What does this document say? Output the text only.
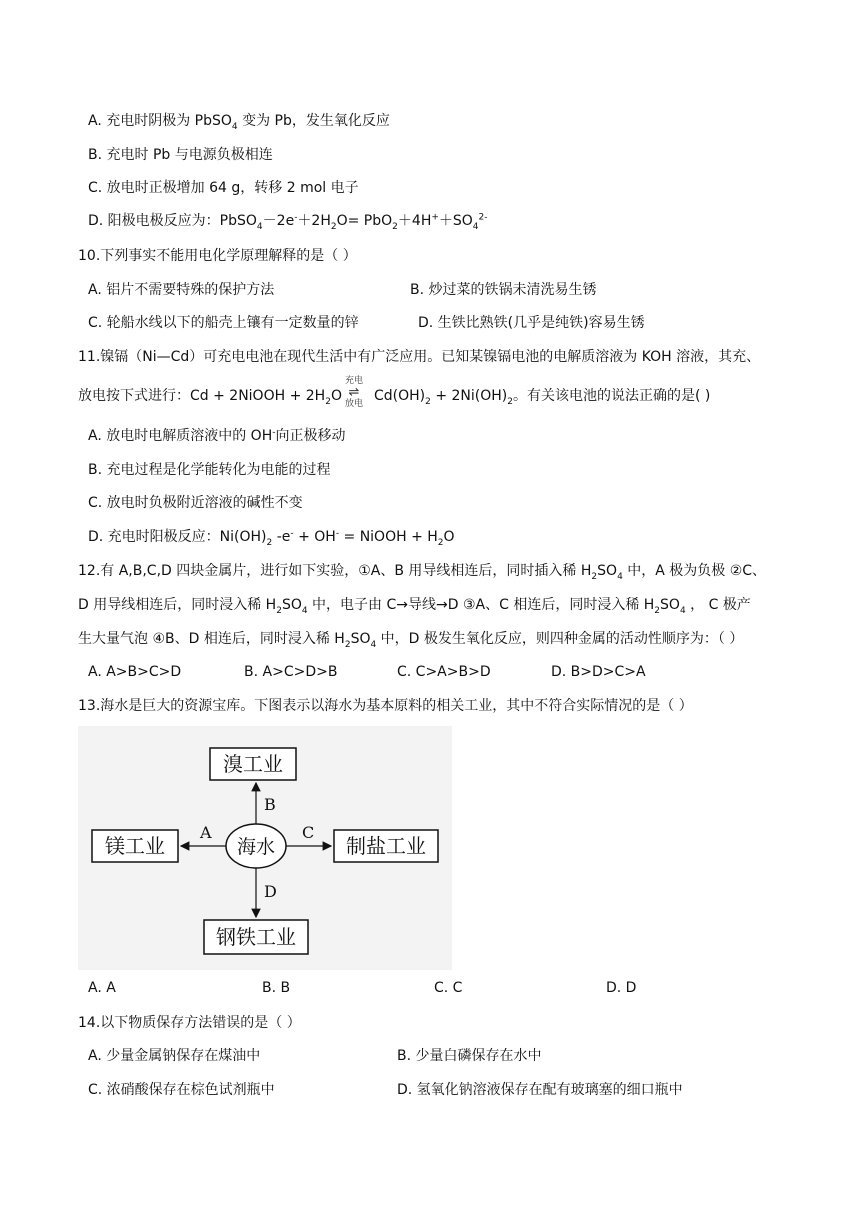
A. 充电时阴极为 PbSO$_4$ 变为 Pb，发生氧化反应
B. 充电时 Pb 与电源负极相连
C. 放电时正极增加 64 g，转移 2 mol 电子
D. 阳极电极反应为：$PbSO_4-2e^-+2H_2O= PbO_2+4H^++SO_4^{2-}$
10.下列事实不能用电化学原理解释的是（ ）
A. 铝片不需要特殊的保护方法	B. 炒过菜的铁锅未清洗易生锈
C. 轮船水线以下的船壳上镶有一定数量的锌	D. 生铁比熟铁(几乎是纯铁)容易生锈
11.镍镉（Ni—Cd）可充电电池在现代生活中有广泛应用。已知某镍镉电池的电解质溶液为 KOH 溶液，其充、
放电按下式进行：Cd + 2NiOOH + $2H_2O$
充电
⇌
放电 $Cd(OH)_2 + 2Ni(OH)_2$。有关该电池的说法正确的是( )
A. 放电时电解质溶液中的 OH-向正极移动
B. 充电过程是化学能转化为电能的过程
C. 放电时负极附近溶液的碱性不变
D. 充电时阳极反应：$Ni(OH)_2$ -e- + OH- = NiOOH + $H_2O$
12.有 A,B,C,D 四块金属片，进行如下实验，①A、B 用导线相连后，同时插入稀 $H_2SO_4$ 中，A 极为负极 ②C、
D 用导线相连后，同时浸入稀 $H_2SO_4$ 中，电子由 C→导线→D ③A、C 相连后，同时浸入稀 $H_2SO_4$ ， C 极产
生大量气泡 ④B、D 相连后，同时浸入稀 $H_2SO_4$ 中，D 极发生氧化反应，则四种金属的活动性顺序为：（ ）
A. A>B>C>D	B. A>C>D>B	C. C>A>B>D	D. B>D>C>A
13.海水是巨大的资源宝库。下图表示以海水为基本原料的相关工业，其中不符合实际情况的是（ ）
溴工业
镁工业	制盐工业
钢铁工业
海水
B
A	C
D
A. A	B. B	C. C	D. D
14.以下物质保存方法错误的是（ ）
A. 少量金属钠保存在煤油中	B. 少量白磷保存在水中
C. 浓硝酸保存在棕色试剂瓶中	D. 氢氧化钠溶液保存在配有玻璃塞的细口瓶中
